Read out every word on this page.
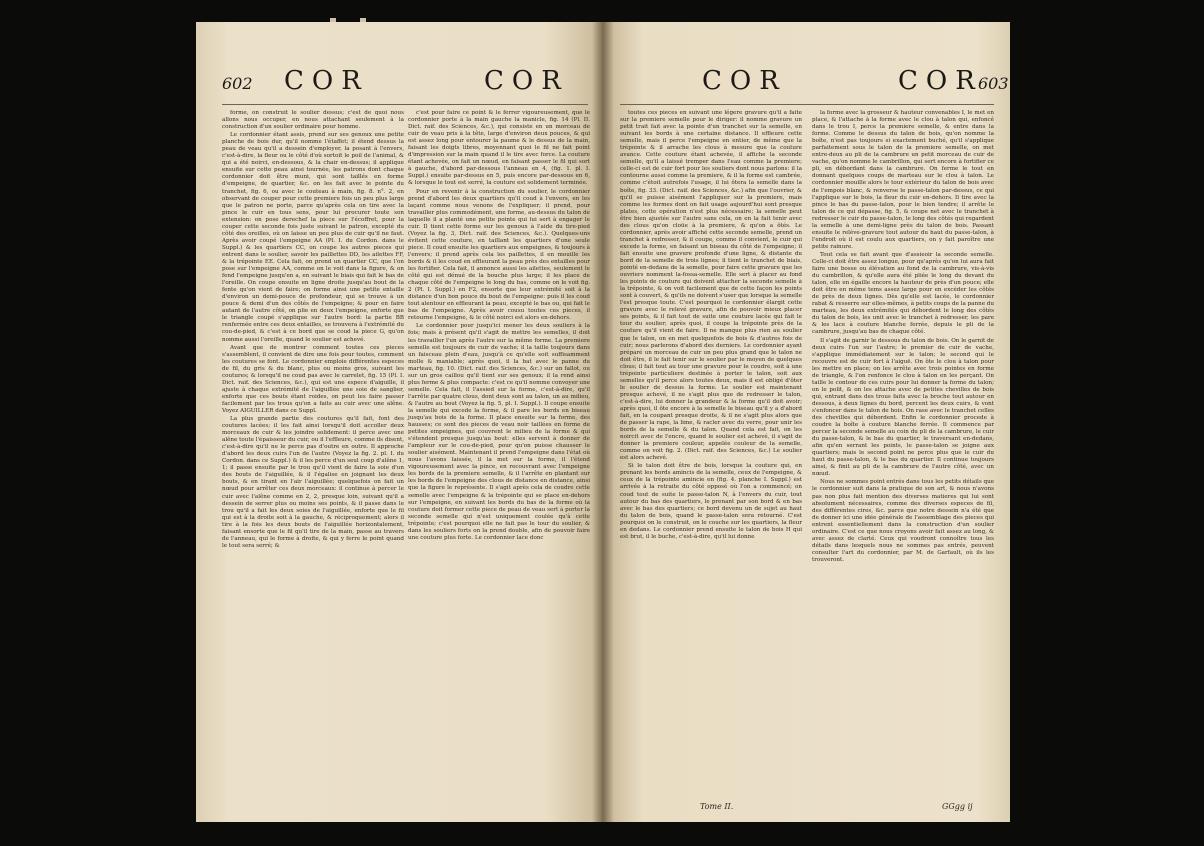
602 COR	COR

forme, on construit le soulier dessus; c'est de quoi nous allons nous occuper, en nous attachant seulement à la construction d'un soulier ordinaire pour homme.

Le cordonnier étant assis, prend sur ses genoux une petite planche de bois dur, qu'il nomme l'étaffet; il étend dessus la peau de veau qu'il a dessein d'employer, la posant à l'envers, c'est-à-dire, la fleur ou le côté d'où sortoit le poil de l'animal, & qui a été noirci, en-dessous, & la chair en-dessus; il applique ensuite sur cette peau ainsi tournée, les patrons dont chaque cordonnier doit être muni, qui sont taillés en forme d'empeigne, de quartier, &c. on les fait avec le pointe du tranchet, fig. 6, ou avec le couteau à main, fig. 8. n°. 2, en observant de couper pour cette premiere fois un peu plus large que le patron ne porte, parce qu'après cela on tire avec la pince le cuir en tous sens, pour lui procurer toute son extension: on pose derechef la piece sur l'écoffret, pour la couper cette seconde fois juste suivant le patron, excepté du côté des oreilles, où on laisse un peu plus de cuir qu'il ne faut. Après avoir coupé l'empeigne AA (Pl. I. du Cordon. dans le Suppl.) & les quartiers CC, on coupe les autres pieces qui entrent dans le soulier, savoir les paillettes DD, les ailettes FF, & la trépointe EE. Cela fait, on prend un quartier CC, que l'on pose sur l'empeigne AA, comme on le voit dans la figure, & on fend l'empeigne jusqu'en a, en suivant le biais qui fait le bas de l'oreille. On coupe ensuite en ligne droite jusqu'au bout de la fente qu'on vient de faire; on forme ainsi une petite entaille d'environ un demi-pouce de profondeur, qui se trouve à un pouce & demi d'un des côtés de l'empeigne; & pour en faire autant de l'autre côté, on plie en deux l'empeigne, enforte que le triangle coupé s'applique sur l'autre bord: la partie BB renfermée entre ces deux entailles, se trouvera à l'extrémité du cou-de-pied, & c'est à ce bord que se coud la piece G, qu'on nomme aussi l'oreille, quand le soulier est achevé.

Avant que de montrer comment toutes ces pieces s'assemblent, il convient de dire une fois pour toutes, comment les coutures se font. Le cordonnier emploie différentes especes de fil, du gris & du blanc, plus ou moins gros, suivant les coutures; & lorsqu'il ne coud pas avec le carrelet, fig. 15 (Pl. I. Dict. raif. des Sciences, &c.), qui est une espece d'aiguille, il ajuste à chaque extrémité de l'aiguillée une soie de sanglier, enforte que ces bouts étant roides, on peut les faire passer facilement par les trous qu'on a faits au cuir avec une alêne. Voyez AIGUILLER dans ce Suppl.

La plus grande partie des coutures qu'il fait, font des coutures lacées; il les fait ainsi lorsqu'il doit accoller deux morceaux de cuir & les joindre solidement: il perce avec une alêne toute l'épaisseur du cuir, ou il l'effleure, comme ils disent, c'est-à-dire qu'il ne le perce pas d'outre en outre. Il approche d'abord les deux cuirs l'un de l'autre (Voyez la fig. 2. pl. I. du Cordon. dans ce Suppl.) & il les perce d'un seul coup d'alêne 1, 1; il passe ensuite par le trou qu'il vient de faire la soie d'un des bouts de l'aiguillée, & il l'égalise en joignant les deux bouts, & en tirant en l'air l'aiguillée; quelquefois on fait un nœud pour arrêter ces deux morceaux: il continue à percer le cuir avec l'alêne comme en 2, 2, presque loin, suivant qu'il a dessein de serrer plus ou moins ses points, & il passe dans le trou qu'il a fait les deux soies de l'aiguillée, enforte que le fil qui est à la droite soit à la gauche, & réciproquement; alors il tire à la fois les deux bouts de l'aiguillée horizontalement, faisant ensorte que le fil qu'il tire de la main, passe au travers de l'anneau, qui le forme à droite, & qui y ferre le point quand le tout sera serré; &

c'est pour faire ce point & le ferrer vigoureusement, que le cordonnier porte à la main gauche la manicle, fig. 14 (Pl. II. Dict. raif. des Sciences, &c.), qui consiste en un morceau de cuir de veau pris à la tête, large d'environ deux pouces, & qui est assez long pour entourer la paume & le dessus de la main, faisant les doigts libres, moyennant quoi le fil ne fait point d'impression sur la main quand il le tire avec force. La couture étant achevée, on fait un nœud, en faisant passer le fil qui sort à gauche, d'abord par-dessous l'anneau en 4, (fig. 1. pl. I. Suppl.) ensuite par-dessus en 5, puis encore par-dessous en 6, & lorsque le tout est serré, la couture est solidement terminée.

Pour en revenir à la construction du soulier, le cordonnier prend d'abord les deux quartiers qu'il coud à l'envers, en les laçant comme nous venons de l'expliquer; il prend, pour travailler plus commodément, une forme, au-dessus du talon de laquelle il a planté une petite pointe qui lui sert à engager le cuir. Il tient cette forme sur les genoux à l'aide du tire-pied (Voyez la fig. 3, Dict. raif. des Sciences, &c.). Quelques-uns évitent cette couture, en taillant les quartiers d'une seule piece. Il coud ensuite les quartiers aux empeignes, & toujours à l'envers; il prend après cela les paillettes, il en mouille les bords & il les coud en effleurant la peau près des entailles pour les fortifier. Cela fait, il annonce aussi les ailettes, seulement le côté qui est dénué de la bouche plus large; il les place de chaque côté de l'empeigne le long du bas, comme on le voit fig. 2 (Pl. I. Suppl.) en F2, ensorte que leur extrémité soit à la distance d'un bon pouce du bout de l'empeigne: puis il les coud tout alentour en effleurant la peau, excepté le bas ou, qui fait le bas de l'empeigne. Après avoir cousu toutes ces pieces, il retourne l'empeigne, & le côté noirci est alors en-dehors.

Le cordonnier pour jusqu'ici mener les deux souliers à la fois; mais à présent qu'il s'agit de mettre les semelles, il doit les travailler l'un après l'autre sur la même forme. La premiere semelle est toujours de cuir de vache; il la taille toujours dans un faisceau plein d'eau, jusqu'à ce qu'elle soit suffisamment molle & maniable; après quoi, il la bat avec le panne du marteau, fig. 10. (Dict. raif. des Sciences, &c.) sur un fallot, ou sur un gros caillou qu'il tient sur ses genoux; il la rend ainsi plus ferme & plus compacte: c'est ce qu'il nomme convoyer une semelle. Cela fait, il l'assied sur la forme, c'est-à-dire, qu'il l'arrête par quatre clous, dont deux sont au talon, un au milieu, & l'autre au bout (Voyez la fig. 5, pl. I. Suppl.). Il coupe ensuite la semelle qui excede la forme, & il pare les bords en biseau jusqu'au bois de la forme. Il place ensuite sur la forme, des hausses; ce sont des pieces de veau noir taillées en forme de petites empeignes, qui couvrent le milieu de la forme & qui s'étendent presque jusqu'au bout: elles servent à donner de l'ampleur sur le cou-de-pied, pour qu'on puisse chausser le soulier aisément. Maintenant il prend l'empeigne dans l'état où nous l'avons laissée, il la met sur la forme, il l'étend vigoureusement avec la pince, en recouvrant avec l'empeigne les bords de la premiere semelle, & il l'arrête en plantant sur les bords de l'empeigne des clous de distance en distance, ainsi que la figure le représente. Il s'agit après cela de coudre cette semelle avec l'empeigne & la trépointe qui se place en-dehors sur l'empeigne, en suivant les bords du bas de la forme où la couture doit former cette piece de peau de veau sert à porter la seconde semelle qui n'est uniquement coulée qu'à cette trépointe; c'est pourquoi elle ne fait pas le tour du soulier, & dans les souliers forts on la prend double, afin de pouvoir faire une couture plus forte. Le cordonnier lace donc

COR	COR
603

toutes ces pieces en suivant une légere gravure qu'il a faite sur la premiere semelle pour le diriger: il nomme gravure un petit trait fait avec la pointe d'un tranchet sur la semelle, en suivant les bords à une certaine distance. Il effleure cette semelle, mais il perce l'empeigne en entier, de même que la trépointe & il arrache les clous à mesure que la couture avance. Cette couture étant achevée, il affiche la seconde semelle, qu'il a laissé tremper dans l'eau comme la premiere; celle-ci est de cuir fort pour les souliers dont nous parlons: il la contourne aussi comme la premiere, & il la forme est cambrée, comme c'étoit autrefois l'usage, il lui ôtera la semelle dans la boîte, fig. 33. (Dict. raif. des Sciences, &c.) afin que l'ouvrier, & qu'il se puisse aisément l'appliquer sur la premiere, mais comme les formes dont on fait usage aujourd'hui sont presque plates, cette opération n'est plus nécessaire; la semelle peut être bien ajustée sur l'autre sans cela, on en la fait tenir avec des clous qu'on cloüe à la premiere, & qu'on a ôtés. Le cordonnier, après avoir affiché cette seconde semelle, prend un tranchet à redresser, & il coupe, comme il convient, le cuir qui excede la forme, en faisant un biseau du côté de l'empeigne; il fait ensuite une gravure profonde d'une ligne, & distante du bord de la semelle de trois lignes; il tient le tranchet de biais, pointé en-dedans de la semelle, pour faire cette gravure que les ouvriers nomment la-fossa-semelle. Elle sert à placer au fond les points de couture qui doivent attacher la seconde semelle à la trépointe, & on voit facilement que de cette façon les points sont à couvert, & qu'ils ne doivent s'user que lorsque la semelle l'est presque toute. C'est pourquoi le cordonnier élargit cette gravure avec le relevé gravure, afin de pouvoir mieux placer ses points, & il fait tout de suite une couture lacée qui fait le tour du soulier; après quoi, il coupe la trépointe près de la couture qu'il vient de faire. Il ne manque plus rien au soulier que le talon, on en met quelquefois de bois & d'autres fois de cuir; nous parlerons d'abord des derniers. Le cordonnier ayant préparé un morceau de cuir un peu plus grand que le talon ne doit être, il le fait tenir sur le soulier par le moyen de quelques clous; il fait tout au tour une gravure pour le coudre, soit à une trépointe particuliere destinée à porter le talon, soit aux semelles qu'il perce alors toutes deux, mais il est obligé d'ôter le soulier de dessus la forme. Le soulier est maintenant presque achevé, il ne s'agit plus que de redresser le talon, c'est-à-dire, lui donner la grandeur & la forme qu'il doit avoir; après quoi, il ôte encore à la semelle le biseau qu'il y a d'abord fait, en la coupant presque droite, & il ne s'agit plus alors que de passer la rape, la lime, & racler avec du verre, pour unir les bords de la semelle & du talon. Quand cela est fait, on les noircit avec de l'encre, quand le soulier est achevé, il s'agit de donner la premiere couleur, appelée couleur de la semelle, comme on voit fig. 2. (Dict. raif. des Sciences, &c.) Le soulier est alors achevé.

Si le talon doit être de bois, lorsque la couture qui, en prenant les bords amincis de la semelle, ceux de l'empeigne, & ceux de la trépointe amincie en (fig. 4. planche I. Suppl.) est arrivée à la retraite du côté opposé où l'on a commencé; on coud tout de suite le passe-talon N, à l'envers du cuir, tout autour du bas des quartiers, le prenant par son bord & en bas avec le bas des quartiers; ce bord devenu un de sujet au haut du talon de bois, quand le passe-talon sera retourné. C'est pourquoi on le construit, on le couche sur les quartiers, la fleur en dedans. Le cordonnier prend ensuite le talon de bois H qui est brut, il le buche, c'est-à-dire, qu'il lui donne

la forme avec la grosseur & hauteur convenables I, le met en place, & l'attache à la forme avec le clou à talon qui, enfoncé dans le trou I, perce la premiere semelle, & entre dans la forme. Comme le dessus du talon de bois, qu'on nomme la boîte, n'est pas toujours si exactement buché, qu'il s'applique parfaitement sous le talon de la premiere semelle, on met entre-deux au pli de la cambrure un petit morceau de cuir de vache, qu'on nomme le cambrillon, qui sert encore à fortifier ce pli, en débordant dans la cambrure. On ferme le tout en donnant quelques coups de marteau sur le clou à talon. Le cordonnier mouille alors le tour extérieur du talon de bois avec de l'empois blanc, & renverse le passe-talon par-dessus, ce qui l'applique sur le bois, la fleur du cuir en-dehors. Il tire avec la pince le bas du passe-talon, pour le bien tendre; il arrête le talon de ce qui dépasse, fig. 5, & coupe net avec le tranchet à redresser le cuir du passe-talon, le long des côtés qui regardent la semelle à une demi-ligne près du talon de bois. Passant ensuite le relève-gravure tout autour du haut du passe-talon, à l'endroit où il est coulu aux quartiers, on y fait paroître une petite rainure.

Tout cela se fait avant que d'assieoir la seconde semelle. Celle-ci doit être assez longue, pour qu'après qu'on lui aura fait faire une bosse ou élévation au fond de la cambrure, vis-à-vis du cambrillon, & qu'elle aura été pliée le long du devant du talon, elle en égaille encore la hauteur de près d'un pouce; elle doit être en même tems assez large pour en excéder les côtés de près de deux lignes. Dès qu'elle est lacée, le cordonnier rabat & resserre sur elles-mêmes, à petits coups de la panne du marteau, les deux extrémités qui débordent le long des côtés du talon de bois, les unit avec le tranchet à redresser, les pare & les lace à couture blanche ferrée, depuis le pli de la cambrure, jusqu'au bas de chaque côté.

Il s'agit de garnir le dessous du talon de bois. On le garnit de deux cuirs l'un sur l'autre; le premier de cuir de vache, s'applique immédiatement sur le talon; le second qui le recouvre est de cuir fort à l'aiguë. On ôte le clou à talon pour les mettre en place; on les arrête avec trois pointes en forme de triangle, & l'on renfonce le clou à talon en les perçant. On taille le contour de ces cuirs pour lui donner la forme du talon; on le polit, & on les attache avec de petites chevilles de bois qui, entrant dans des trous faits avec la broche tout autour en dessous, à deux lignes du bord, percent les deux cuirs, & vont s'enfoncer dans le talon de bois. On rase avec le tranchet celles des chevilles qui débordent. Enfin le cordonnier procede à coudre la boîte à couture blanche ferrée. Il commence par percer la seconde semelle au coin du pli de la cambrure, le cuir du passe-talon, & le bas du quartier, le traversant en-dedans, afin qu'en serrant les points, le passe-talon se joigne aux quartiers; mais le second point ne perce plus que le cuir du haut du passe-talon, & le bas du quartier. Il continue toujours ainsi, & finit au pli de la cambrure de l'autre côté, avec un nœud.

Nous ne sommes point entrés dans tous les petits détails que le cordonnier suit dans la pratique de son art, & nous n'avons pas non plus fait mention des diverses matieres qui lui sont absolument nécessaires, comme des diverses especes de fil, des différentes cires, &c. parce que notre dessein n'a été que de donner ici une idée générale de l'assemblage des pieces qui entrent essentiellement dans la construction d'un soulier ordinaire. C'est ce que nous croyons avoir fait assez au long, & avec assez de clarté. Ceux qui voudront connoître tous les détails dans lesquels nous ne sommes pas entrés, peuvent consulter l'art du cordonnier, par M. de Garfault, où ils les trouveront.

Tome II.	GGgg ij
